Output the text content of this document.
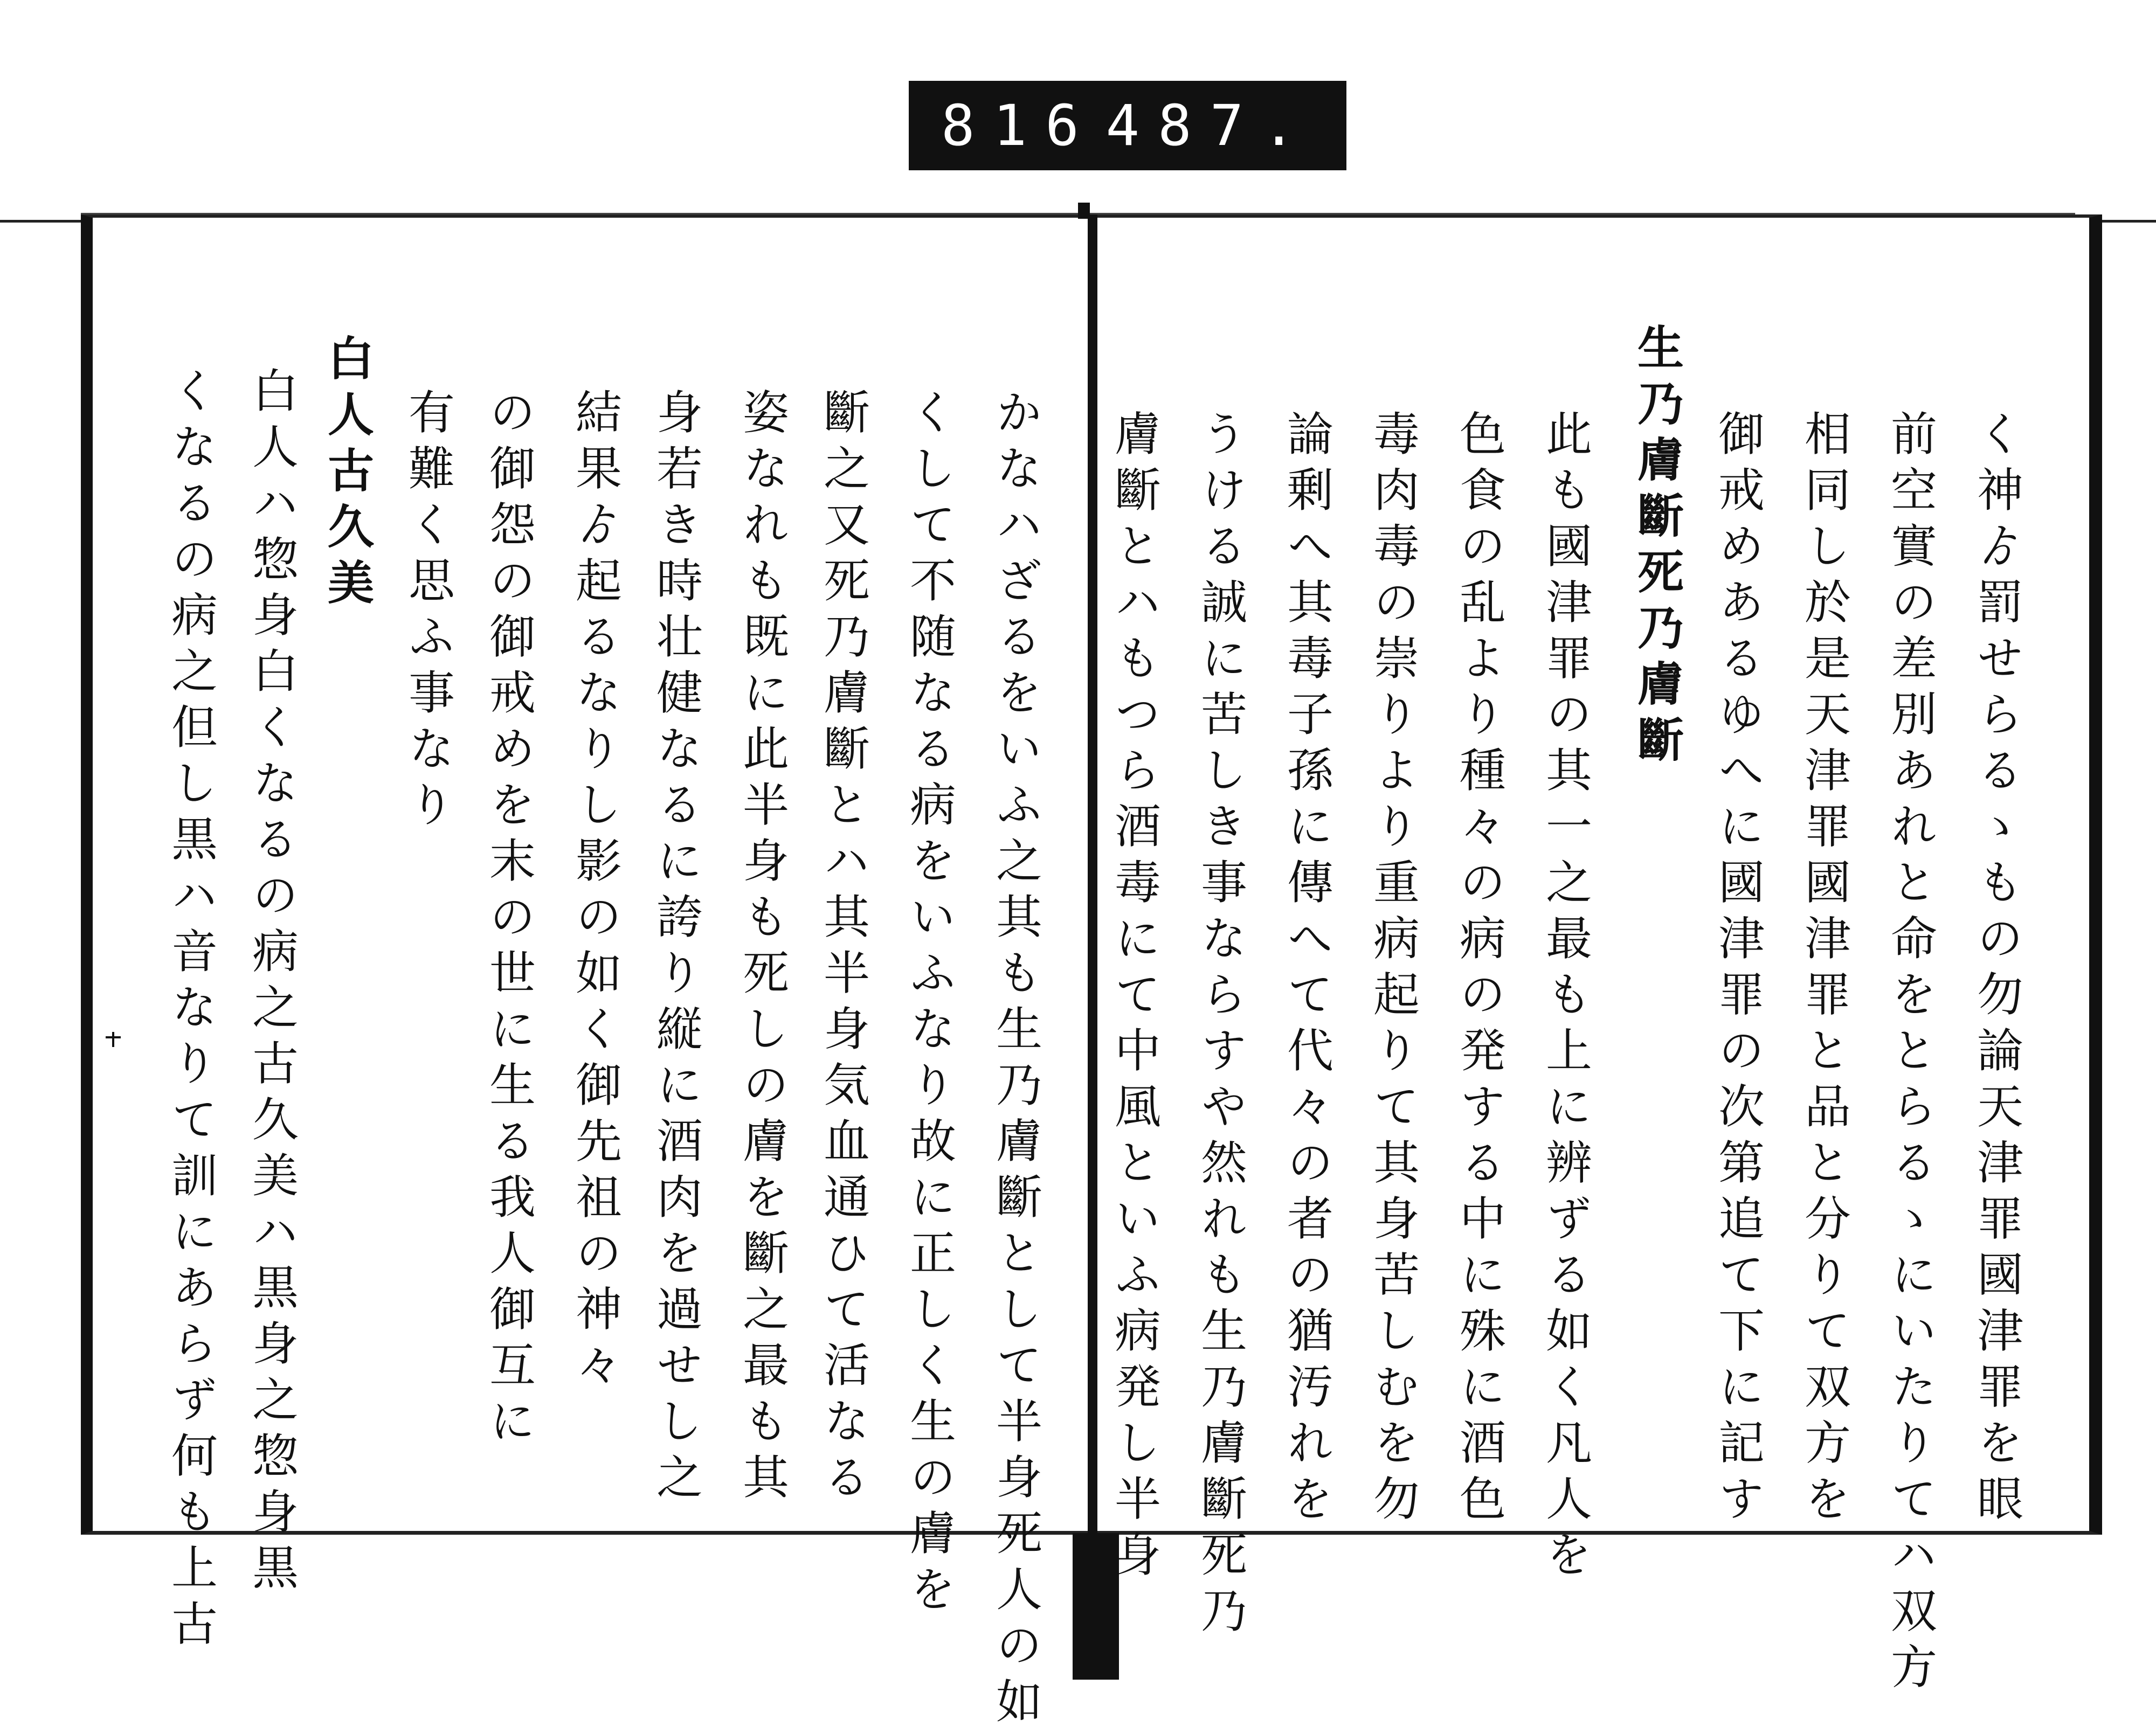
816 487.
く神ゟ罰せらるゝもの勿論天津罪國津罪を眼
前空實の差別あれと命をとらるゝにいたりてハ双方
相同し於是天津罪國津罪と品と分りて双方を
御戒めあるゆへに國津罪の次第追て下に記す
生乃膚斷死乃膚斷
此も國津罪の其一之最も上に辨ずる如く凡人を
色食の乱より種々の病の発する中に殊に酒色
毒肉毒の崇りより重病起りて其身苦しむを勿
論剰へ其毒子孫に傳へて代々の者の猶汚れを
うける誠に苦しき事ならすや然れも生乃膚斷死乃
膚斷とハもつら酒毒にて中風といふ病発し半身
かなハざるをいふ之其も生乃膚斷として半身死人の如
くして不随なる病をいふなり故に正しく生の膚を
斷之又死乃膚斷とハ其半身気血通ひて活なる
姿なれも既に此半身も死しの膚を斷之最も其
身若き時壮健なるに誇り縦に酒肉を過せし之
結果ゟ起るなりし影の如く御先祖の神々
の御怨の御戒めを末の世に生る我人御互に
有難く思ふ事なり
白人古久美
白人ハ惣身白くなるの病之古久美ハ黒身之惣身黒
くなるの病之但し黒ハ音なりて訓にあらず何も上古
